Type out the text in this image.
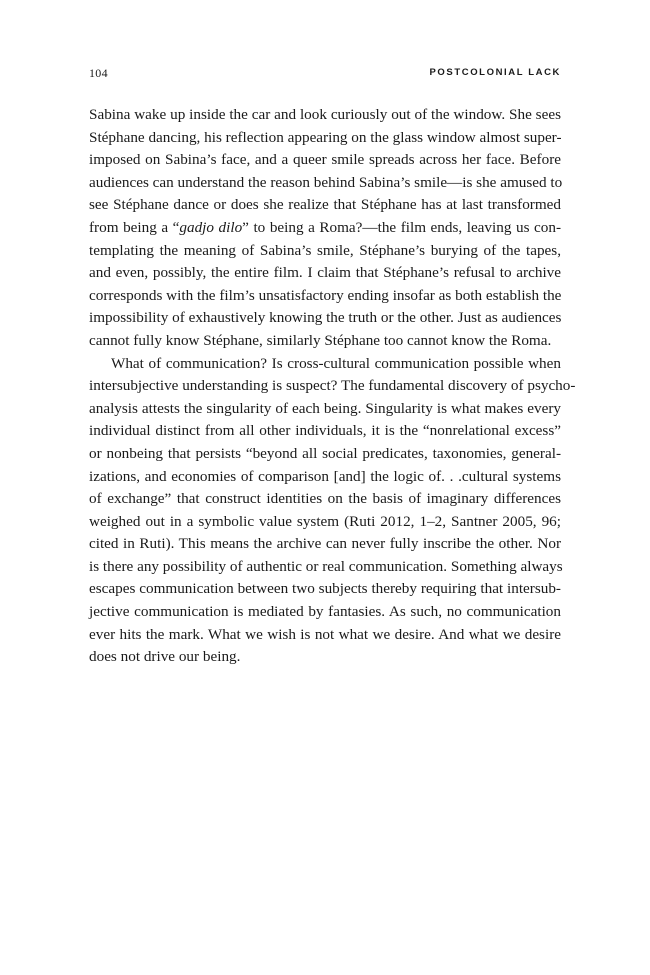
104	POSTCOLONIAL LACK

Sabina wake up inside the car and look curiously out of the window. She sees
Stéphane dancing, his reflection appearing on the glass window almost super-
imposed on Sabina’s face, and a queer smile spreads across her face. Before
audiences can understand the reason behind Sabina’s smile—is she amused to
see Stéphane dance or does she realize that Stéphane has at last transformed
from being a “gadjo dilo” to being a Roma?—the film ends, leaving us con-
templating the meaning of Sabina’s smile, Stéphane’s burying of the tapes,
and even, possibly, the entire film. I claim that Stéphane’s refusal to archive
corresponds with the film’s unsatisfactory ending insofar as both establish the
impossibility of exhaustively knowing the truth or the other. Just as audiences
cannot fully know Stéphane, similarly Stéphane too cannot know the Roma.

What of communication? Is cross-cultural communication possible when
intersubjective understanding is suspect? The fundamental discovery of psycho-
analysis attests the singularity of each being. Singularity is what makes every
individual distinct from all other individuals, it is the “nonrelational excess”
or nonbeing that persists “beyond all social predicates, taxonomies, general-
izations, and economies of comparison [and] the logic of. . .cultural systems
of exchange” that construct identities on the basis of imaginary differences
weighed out in a symbolic value system (Ruti 2012, 1–2, Santner 2005, 96;
cited in Ruti). This means the archive can never fully inscribe the other. Nor
is there any possibility of authentic or real communication. Something always
escapes communication between two subjects thereby requiring that intersub-
jective communication is mediated by fantasies. As such, no communication
ever hits the mark. What we wish is not what we desire. And what we desire
does not drive our being.
